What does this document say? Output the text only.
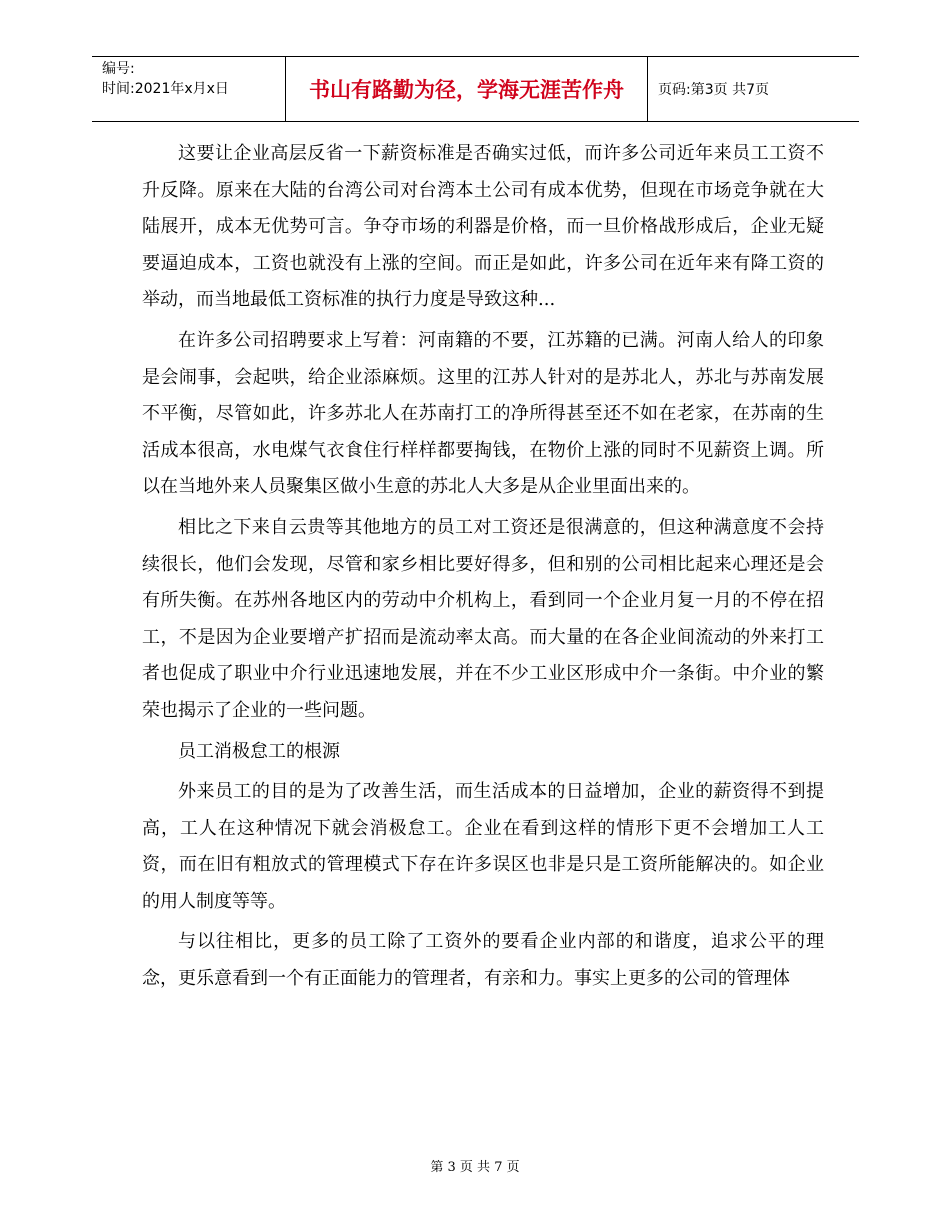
编号:
时间:2021年x月x日	书山有路勤为径，学海无涯苦作舟	页码:第3页 共7页

这要让企业高层反省一下薪资标准是否确实过低，而许多公司近年来员工工资不升反降。原来在大陆的台湾公司对台湾本土公司有成本优势，但现在市场竞争就在大陆展开，成本无优势可言。争夺市场的利器是价格，而一旦价格战形成后，企业无疑要逼迫成本，工资也就没有上涨的空间。而正是如此，许多公司在近年来有降工资的举动，而当地最低工资标准的执行力度是导致这种...

在许多公司招聘要求上写着：河南籍的不要，江苏籍的已满。河南人给人的印象是会闹事，会起哄，给企业添麻烦。这里的江苏人针对的是苏北人，苏北与苏南发展不平衡，尽管如此，许多苏北人在苏南打工的净所得甚至还不如在老家，在苏南的生活成本很高，水电煤气衣食住行样样都要掏钱，在物价上涨的同时不见薪资上调。所以在当地外来人员聚集区做小生意的苏北人大多是从企业里面出来的。

相比之下来自云贵等其他地方的员工对工资还是很满意的，但这种满意度不会持续很长，他们会发现，尽管和家乡相比要好得多，但和别的公司相比起来心理还是会有所失衡。在苏州各地区内的劳动中介机构上，看到同一个企业月复一月的不停在招工，不是因为企业要增产扩招而是流动率太高。而大量的在各企业间流动的外来打工者也促成了职业中介行业迅速地发展，并在不少工业区形成中介一条街。中介业的繁荣也揭示了企业的一些问题。

员工消极怠工的根源

外来员工的目的是为了改善生活，而生活成本的日益增加，企业的薪资得不到提高，工人在这种情况下就会消极怠工。企业在看到这样的情形下更不会增加工人工资，而在旧有粗放式的管理模式下存在许多误区也非是只是工资所能解决的。如企业的用人制度等等。

与以往相比，更多的员工除了工资外的要看企业内部的和谐度，追求公平的理念，更乐意看到一个有正面能力的管理者，有亲和力。事实上更多的公司的管理体

第 3 页 共 7 页
